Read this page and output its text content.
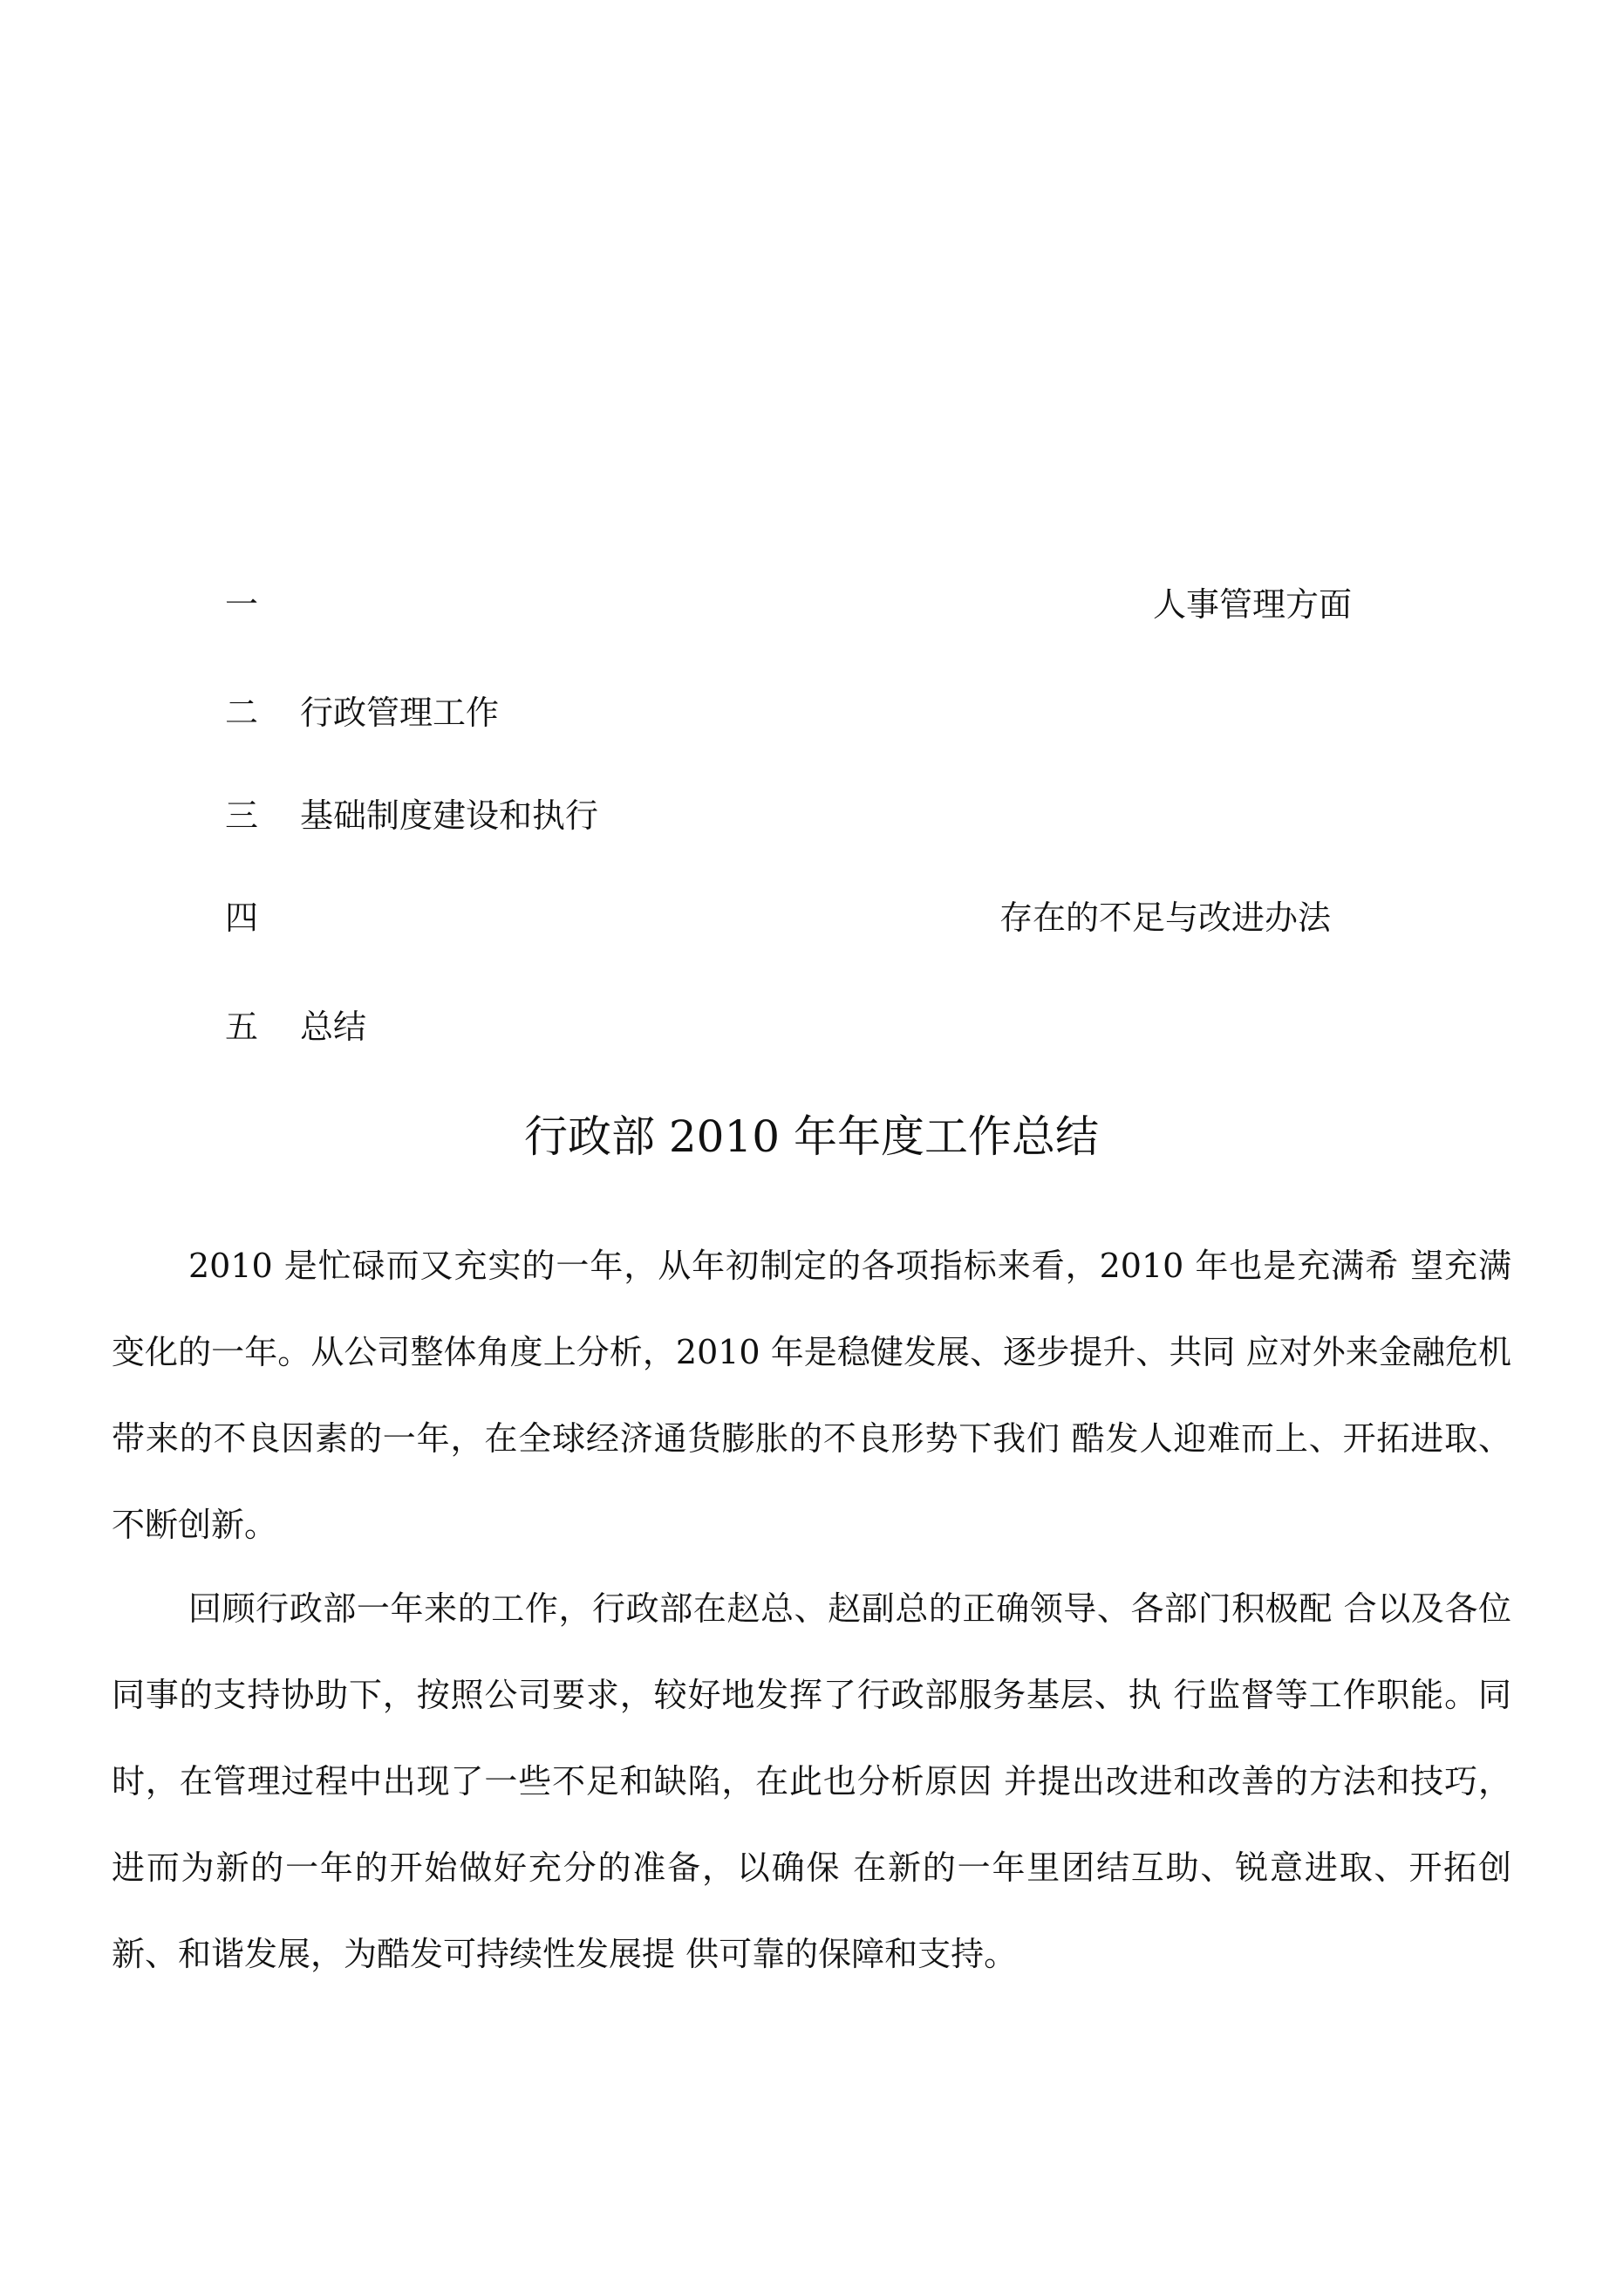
一	人事管理方面
二 行政管理工作
三 基础制度建设和执行
四	存在的不足与改进办法
五 总结
行政部 2010 年年度工作总结

2010 是忙碌而又充实的一年，从年初制定的各项指标来看，2010 年也是充满希 望充满变化的一年。从公司整体角度上分析，2010 年是稳健发展、逐步提升、共同 应对外来金融危机带来的不良因素的一年，在全球经济通货膨胀的不良形势下我们 酷发人迎难而上、开拓进取、不断创新。

回顾行政部一年来的工作，行政部在赵总、赵副总的正确领导、各部门积极配 合以及各位同事的支持协助下，按照公司要求，较好地发挥了行政部服务基层、执 行监督等工作职能。同时，在管理过程中出现了一些不足和缺陷，在此也分析原因 并提出改进和改善的方法和技巧，进而为新的一年的开始做好充分的准备，以确保 在新的一年里团结互助、锐意进取、开拓创新、和谐发展，为酷发可持续性发展提 供可靠的保障和支持。
